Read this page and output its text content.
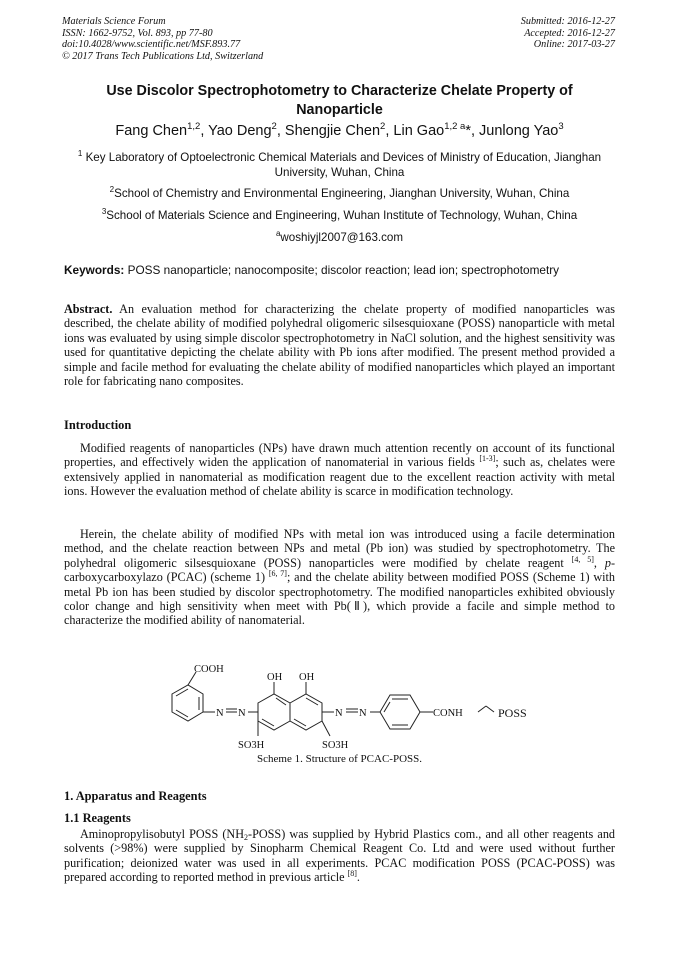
Materials Science Forum
ISSN: 1662-9752, Vol. 893, pp 77-80
doi:10.4028/www.scientific.net/MSF.893.77
© 2017 Trans Tech Publications Ltd, Switzerland
Submitted: 2016-12-27
Accepted: 2016-12-27
Online: 2017-03-27
Use Discolor Spectrophotometry to Characterize Chelate Property of Nanoparticle
Fang Chen$^{1,2}$, Yao Deng$^2$, Shengjie Chen$^2$, Lin Gao$^{1,2 a}$*, Junlong Yao$^3$
$^1$ Key Laboratory of Optoelectronic Chemical Materials and Devices of Ministry of Education, Jianghan University, Wuhan, China
$^2$School of Chemistry and Environmental Engineering, Jianghan University, Wuhan, China
$^3$School of Materials Science and Engineering, Wuhan Institute of Technology, Wuhan, China
$^a$woshiyjl2007@163.com
Keywords: POSS nanoparticle; nanocomposite; discolor reaction; lead ion; spectrophotometry
Abstract. An evaluation method for characterizing the chelate property of modified nanoparticles was described, the chelate ability of modified polyhedral oligomeric silsesquioxane (POSS) nanoparticle with metal ions was evaluated by using simple discolor spectrophotometry in NaCl solution, and the highest sensitivity was used for quantitative depicting the chelate ability with Pb ions after modified. The present method provided a simple and facile method for evaluating the chelate ability of modified nanoparticles which played an important role for fabricating nano composites.
Introduction
Modified reagents of nanoparticles (NPs) have drawn much attention recently on account of its functional properties, and effectively widen the application of nanomaterial in various fields [1-3]; such as, chelates were extensively applied in nanomaterial as modification reagent due to the excellent reaction activity with metal ions. However the evaluation method of chelate ability is scarce in modification technology.
Herein, the chelate ability of modified NPs with metal ion was introduced using a facile determination method, and the chelate reaction between NPs and metal (Pb ion) was studied by spectrophotometry. The polyhedral oligomeric silsesquioxane (POSS) nanoparticles were modified by chelate reagent [4, 5], p-carboxycarboxylazo (PCAC) (scheme 1) [6, 7]; and the chelate ability between modified POSS (Scheme 1) with metal Pb ion has been studied by discolor spectrophotometry. The modified nanoparticles exhibited obviously color change and high sensitivity when meet with Pb(Ⅱ), which provide a facile and simple method to characterize the modified ability of nanomaterial.
COOH
OH OH
N N	N N
SO3H	SO3H
CONH	POSS
Scheme 1. Structure of PCAC-POSS.
1. Apparatus and Reagents
1.1 Reagents
Aminopropylisobutyl POSS $(NH_2-POSS)$ was supplied by Hybrid Plastics com., and all other reagents and solvents (>98%) were supplied by Sinopharm Chemical Reagent Co. Ltd and were used without further purification; deionized water was used in all experiments. PCAC modification POSS (PCAC-POSS) was prepared according to reported method in previous article [8].
